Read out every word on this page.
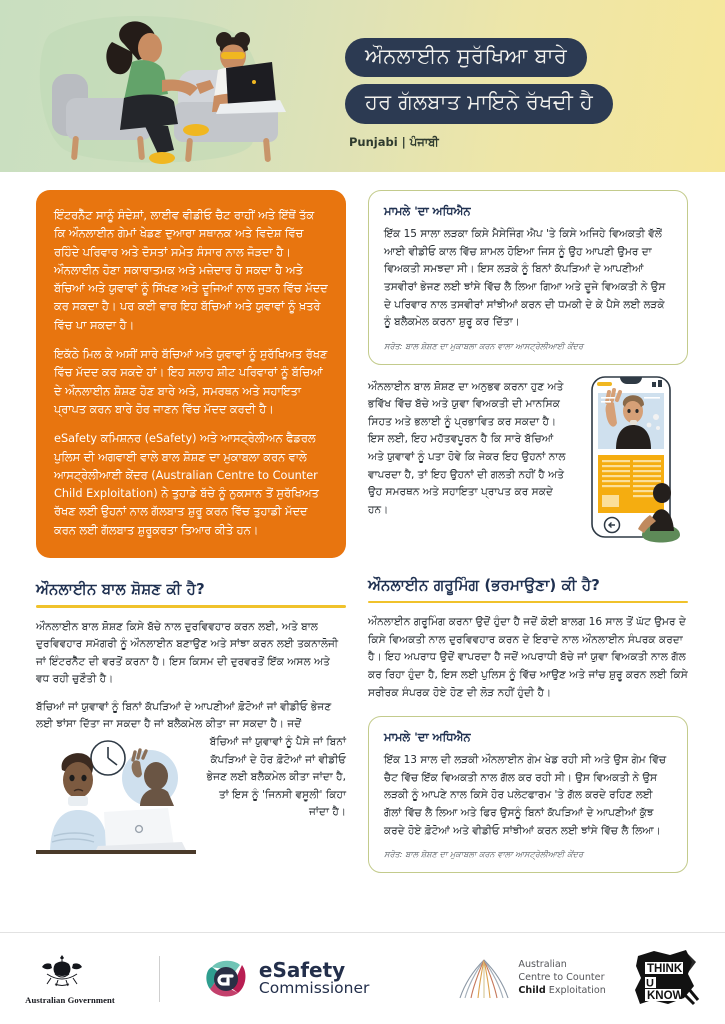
ਔਨਲਾਈਨ ਸੁਰੱਖਿਆ ਬਾਰੇ ਹਰ ਗੱਲਬਾਤ ਮਾਇਨੇ ਰੱਖਦੀ ਹੈ
Punjabi | ਪੰਜਾਬੀ

ਇੰਟਰਨੈੱਟ ਸਾਨੂੰ ਸੰਦੇਸ਼ਾਂ, ਲਾਈਵ ਵੀਡੀਓ ਚੈਟ ਰਾਹੀਂ ਅਤੇ ਇੱਥੋਂ ਤੱਕ ਕਿ ਔਨਲਾਈਨ ਗੇਮਾਂ ਖੇਡਣ ਦੁਆਰਾ ਸਥਾਨਕ ਅਤੇ ਵਿਦੇਸ਼ ਵਿੱਚ ਰਹਿੰਦੇ ਪਰਿਵਾਰ ਅਤੇ ਦੋਸਤਾਂ ਸਮੇਤ ਸੰਸਾਰ ਨਾਲ ਜੋੜਦਾ ਹੈ। ਔਨਲਾਈਨ ਹੋਣਾ ਸਕਾਰਾਤਮਕ ਅਤੇ ਮਜ਼ੇਦਾਰ ਹੋ ਸਕਦਾ ਹੈ ਅਤੇ ਬੱਚਿਆਂ ਅਤੇ ਯੁਵਾਵਾਂ ਨੂੰ ਸਿੱਖਣ ਅਤੇ ਦੂਜਿਆਂ ਨਾਲ ਜੁੜਨ ਵਿੱਚ ਮੱਦਦ ਕਰ ਸਕਦਾ ਹੈ। ਪਰ ਕਈ ਵਾਰ ਇਹ ਬੱਚਿਆਂ ਅਤੇ ਯੁਵਾਵਾਂ ਨੂੰ ਖ਼ਤਰੇ ਵਿੱਚ ਪਾ ਸਕਦਾ ਹੈ।

ਇਕੱਠੇ ਮਿਲ ਕੇ ਅਸੀਂ ਸਾਰੇ ਬੱਚਿਆਂ ਅਤੇ ਯੁਵਾਵਾਂ ਨੂੰ ਸੁਰੱਖਿਅਤ ਰੱਖਣ ਵਿੱਚ ਮੱਦਦ ਕਰ ਸਕਦੇ ਹਾਂ। ਇਹ ਸਲਾਹ ਸ਼ੀਟ ਪਰਿਵਾਰਾਂ ਨੂੰ ਬੱਚਿਆਂ ਦੇ ਔਨਲਾਈਨ ਸ਼ੋਸ਼ਣ ਹੋਣ ਬਾਰੇ ਅਤੇ, ਸਮਰਥਨ ਅਤੇ ਸਹਾਇਤਾ ਪ੍ਰਾਪਤ ਕਰਨ ਬਾਰੇ ਹੋਰ ਜਾਣਨ ਵਿੱਚ ਮੱਦਦ ਕਰਦੀ ਹੈ।

eSafety ਕਮਿਸ਼ਨਰ (eSafety) ਅਤੇ ਆਸਟ੍ਰੇਲੀਅਨ ਫੈਡਰਲ ਪੁਲਿਸ ਦੀ ਅਗਵਾਈ ਵਾਲੇ ਬਾਲ ਸ਼ੋਸ਼ਣ ਦਾ ਮੁਕਾਬਲਾ ਕਰਨ ਵਾਲੇ ਆਸਟ੍ਰੇਲੀਆਈ ਕੇਂਦਰ (Australian Centre to Counter Child Exploitation) ਨੇ ਤੁਹਾਡੇ ਬੱਚੇ ਨੂੰ ਨੁਕਸਾਨ ਤੋਂ ਸੁਰੱਖਿਅਤ ਰੱਖਣ ਲਈ ਉਹਨਾਂ ਨਾਲ ਗੱਲਬਾਤ ਸ਼ੁਰੂ ਕਰਨ ਵਿੱਚ ਤੁਹਾਡੀ ਮੱਦਦ ਕਰਨ ਲਈ ਗੱਲਬਾਤ ਸ਼ੁਰੂਕਰਤਾ ਤਿਆਰ ਕੀਤੇ ਹਨ।

ਔਨਲਾਈਨ ਬਾਲ ਸ਼ੋਸ਼ਣ ਕੀ ਹੈ?

ਔਨਲਾਈਨ ਬਾਲ ਸ਼ੋਸ਼ਣ ਕਿਸੇ ਬੱਚੇ ਨਾਲ ਦੁਰਵਿਵਹਾਰ ਕਰਨ ਲਈ, ਅਤੇ ਬਾਲ ਦੁਰਵਿਵਹਾਰ ਸਮੱਗਰੀ ਨੂੰ ਔਨਲਾਈਨ ਬਣਾਉਣ ਅਤੇ ਸਾਂਝਾ ਕਰਨ ਲਈ ਤਕਨਾਲੋਜੀ ਜਾਂ ਇੰਟਰਨੈੱਟ ਦੀ ਵਰਤੋਂ ਕਰਨਾ ਹੈ। ਇਸ ਕਿਸਮ ਦੀ ਦੁਰਵਰਤੋਂ ਇੱਕ ਅਸਲ ਅਤੇ ਵਧ ਰਹੀ ਚੁਣੌਤੀ ਹੈ।

ਬੱਚਿਆਂ ਜਾਂ ਯੁਵਾਵਾਂ ਨੂੰ ਬਿਨਾਂ ਕੱਪੜਿਆਂ ਦੇ ਆਪਣੀਆਂ ਫ਼ੋਟੋਆਂ ਜਾਂ ਵੀਡੀਓ ਭੇਜਣ ਲਈ ਝਾਂਸਾ ਦਿੱਤਾ ਜਾ ਸਕਦਾ ਹੈ ਜਾਂ ਬਲੈਕਮੇਲ ਕੀਤਾ ਜਾ ਸਕਦਾ ਹੈ। ਜਦੋਂ

ਬੱਚਿਆਂ ਜਾਂ ਯੁਵਾਵਾਂ ਨੂੰ ਪੈਸੇ ਜਾਂ ਬਿਨਾਂ ਕੱਪੜਿਆਂ ਦੇ ਹੋਰ ਫ਼ੋਟੋਆਂ ਜਾਂ ਵੀਡੀਓ ਭੇਜਣ ਲਈ ਬਲੈਕਮੇਲ ਕੀਤਾ ਜਾਂਦਾ ਹੈ, ਤਾਂ ਇਸ ਨੂੰ 'ਜਿਨਸੀ ਵਸੂਲੀ' ਕਿਹਾ ਜਾਂਦਾ ਹੈ।

ਮਾਮਲੇ 'ਦਾ ਅਧਿਐਨ
ਇੱਕ 15 ਸਾਲਾ ਲੜਕਾ ਕਿਸੇ ਮੈਸੇਜਿੰਗ ਐਪ 'ਤੇ ਕਿਸੇ ਅਜਿਹੇ ਵਿਅਕਤੀ ਵੱਲੋਂ ਆਈ ਵੀਡੀਓ ਕਾਲ ਵਿੱਚ ਸ਼ਾਮਲ ਹੋਇਆ ਜਿਸ ਨੂੰ ਉਹ ਆਪਣੀ ਉਮਰ ਦਾ ਵਿਅਕਤੀ ਸਮਝਦਾ ਸੀ। ਇਸ ਲੜਕੇ ਨੂੰ ਬਿਨਾਂ ਕੱਪੜਿਆਂ ਦੇ ਆਪਣੀਆਂ ਤਸਵੀਰਾਂ ਭੇਜਣ ਲਈ ਝਾਂਸੇ ਵਿੱਚ ਲੈ ਲਿਆ ਗਿਆ ਅਤੇ ਦੂਜੇ ਵਿਅਕਤੀ ਨੇ ਉਸ ਦੇ ਪਰਿਵਾਰ ਨਾਲ ਤਸਵੀਰਾਂ ਸਾਂਝੀਆਂ ਕਰਨ ਦੀ ਧਮਕੀ ਦੇ ਕੇ ਪੈਸੇ ਲਈ ਲੜਕੇ ਨੂੰ ਬਲੈਕਮੇਲ ਕਰਨਾ ਸ਼ੁਰੂ ਕਰ ਦਿੱਤਾ।
ਸਰੋਤ: ਬਾਲ ਸ਼ੋਸ਼ਣ ਦਾ ਮੁਕਾਬਲਾ ਕਰਨ ਵਾਲਾ ਆਸਟ੍ਰੇਲੀਆਈ ਕੇਂਦਰ
ਔਨਲਾਈਨ ਬਾਲ ਸ਼ੋਸ਼ਣ ਦਾ ਅਨੁਭਵ ਕਰਨਾ ਹੁਣ ਅਤੇ ਭਵਿੱਖ ਵਿੱਚ ਬੱਚੇ ਅਤੇ ਯੁਵਾ ਵਿਅਕਤੀ ਦੀ ਮਾਨਸਿਕ ਸਿਹਤ ਅਤੇ ਭਲਾਈ ਨੂੰ ਪ੍ਰਭਾਵਿਤ ਕਰ ਸਕਦਾ ਹੈ। ਇਸ ਲਈ, ਇਹ ਮਹੱਤਵਪੂਰਨ ਹੈ ਕਿ ਸਾਰੇ ਬੱਚਿਆਂ ਅਤੇ ਯੁਵਾਵਾਂ ਨੂੰ ਪਤਾ ਹੋਵੇ ਕਿ ਜੇਕਰ ਇਹ ਉਹਨਾਂ ਨਾਲ ਵਾਪਰਦਾ ਹੈ, ਤਾਂ ਇਹ ਉਹਨਾਂ ਦੀ ਗਲਤੀ ਨਹੀਂ ਹੈ ਅਤੇ ਉਹ ਸਮਰਥਨ ਅਤੇ ਸਹਾਇਤਾ ਪ੍ਰਾਪਤ ਕਰ ਸਕਦੇ ਹਨ।
ਔਨਲਾਈਨ ਗਰੂਮਿੰਗ (ਭਰਮਾਉਣਾ) ਕੀ ਹੈ?

ਔਨਲਾਈਨ ਗਰੂਮਿੰਗ ਕਰਨਾ ਉਦੋਂ ਹੁੰਦਾ ਹੈ ਜਦੋਂ ਕੋਈ ਬਾਲਗ 16 ਸਾਲ ਤੋਂ ਘੱਟ ਉਮਰ ਦੇ ਕਿਸੇ ਵਿਅਕਤੀ ਨਾਲ ਦੁਰਵਿਵਹਾਰ ਕਰਨ ਦੇ ਇਰਾਦੇ ਨਾਲ ਔਨਲਾਈਨ ਸੰਪਰਕ ਕਰਦਾ ਹੈ। ਇਹ ਅਪਰਾਧ ਉਦੋਂ ਵਾਪਰਦਾ ਹੈ ਜਦੋਂ ਅਪਰਾਧੀ ਬੱਚੇ ਜਾਂ ਯੁਵਾ ਵਿਅਕਤੀ ਨਾਲ ਗੱਲ ਕਰ ਰਿਹਾ ਹੁੰਦਾ ਹੈ, ਇਸ ਲਈ ਪੁਲਿਸ ਨੂੰ ਵਿੱਚ ਆਉਣ ਅਤੇ ਜਾਂਚ ਸ਼ੁਰੂ ਕਰਨ ਲਈ ਕਿਸੇ ਸਰੀਰਕ ਸੰਪਰਕ ਹੋਏ ਹੋਣ ਦੀ ਲੋੜ ਨਹੀਂ ਹੁੰਦੀ ਹੈ।

ਮਾਮਲੇ 'ਦਾ ਅਧਿਐਨ
ਇੱਕ 13 ਸਾਲ ਦੀ ਲੜਕੀ ਔਨਲਾਈਨ ਗੇਮ ਖੇਡ ਰਹੀ ਸੀ ਅਤੇ ਉਸ ਗੇਮ ਵਿੱਚ ਚੈਟ ਵਿੱਚ ਇੱਕ ਵਿਅਕਤੀ ਨਾਲ ਗੱਲ ਕਰ ਰਹੀ ਸੀ। ਉਸ ਵਿਅਕਤੀ ਨੇ ਉਸ ਲੜਕੀ ਨੂੰ ਆਪਣੇ ਨਾਲ ਕਿਸੇ ਹੋਰ ਪਲੇਟਫਾਰਮ 'ਤੇ ਗੱਲ ਕਰਦੇ ਰਹਿਣ ਲਈ ਗੱਲਾਂ ਵਿੱਚ ਲੈ ਲਿਆ ਅਤੇ ਫਿਰ ਉਸਨੂੰ ਬਿਨਾਂ ਕੱਪੜਿਆਂ ਦੇ ਆਪਣੀਆਂ ਕੁੱਝ ਕਰਦੇ ਹੋਏ ਫ਼ੋਟੋਆਂ ਅਤੇ ਵੀਡੀਓ ਸਾਂਝੀਆਂ ਕਰਨ ਲਈ ਝਾਂਸੇ ਵਿੱਚ ਲੈ ਲਿਆ।
ਸਰੋਤ: ਬਾਲ ਸ਼ੋਸ਼ਣ ਦਾ ਮੁਕਾਬਲਾ ਕਰਨ ਵਾਲਾ ਆਸਟ੍ਰੇਲੀਆਈ ਕੇਂਦਰ
Australian Government
eSafety
Commissioner
Australian
Centre to Counter
Child Exploitation
THINK
U
KNOW
